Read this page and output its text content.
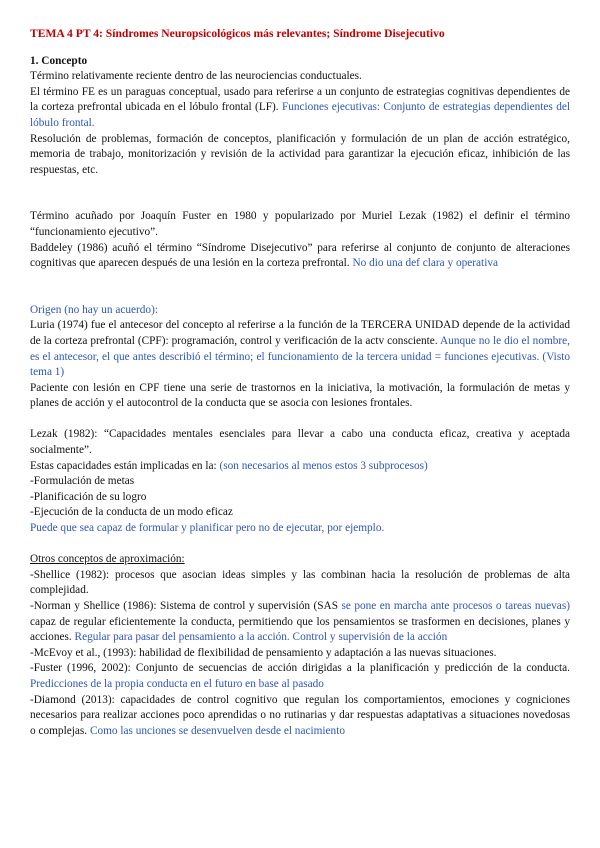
TEMA 4 PT 4: Síndromes Neuropsicológicos más relevantes; Síndrome Disejecutivo

1. Concepto

Término relativamente reciente dentro de las neurociencias conductuales.

El término FE es un paraguas conceptual, usado para referirse a un conjunto de estrategias cognitivas dependientes de la corteza prefrontal ubicada en el lóbulo frontal (LF). Funciones ejecutivas: Conjunto de estrategias dependientes del lóbulo frontal.

Resolución de problemas, formación de conceptos, planificación y formulación de un plan de acción estratégico, memoria de trabajo, monitorización y revisión de la actividad para garantizar la ejecución eficaz, inhibición de las respuestas, etc.

Término acuñado por Joaquín Fuster en 1980 y popularizado por Muriel Lezak (1982) el definir el término “funcionamiento ejecutivo”.

Baddeley (1986) acuñó el término “Síndrome Disejecutivo” para referirse al conjunto de conjunto de alteraciones cognitivas que aparecen después de una lesión en la corteza prefrontal. No dio una def clara y operativa

Origen (no hay un acuerdo):

Luria (1974) fue el antecesor del concepto al referirse a la función de la TERCERA UNIDAD depende de la actividad de la corteza prefrontal (CPF): programación, control y verificación de la actv consciente. Aunque no le dio el nombre, es el antecesor, el que antes describió el término; el funcionamiento de la tercera unidad = funciones ejecutivas. (Visto tema 1)

Paciente con lesión en CPF tiene una serie de trastornos en la iniciativa, la motivación, la formulación de metas y planes de acción y el autocontrol de la conducta que se asocia con lesiones frontales.

Lezak (1982): “Capacidades mentales esenciales para llevar a cabo una conducta eficaz, creativa y aceptada socialmente”.

Estas capacidades están implicadas en la: (son necesarios al menos estos 3 subprocesos)

-Formulación de metas

-Planificación de su logro

-Ejecución de la conducta de un modo eficaz

Puede que sea capaz de formular y planificar pero no de ejecutar, por ejemplo.

Otros conceptos de aproximación:

-Shellice (1982): procesos que asocian ideas simples y las combinan hacia la resolución de problemas de alta complejidad.

-Norman y Shellice (1986): Sistema de control y supervisión (SAS se pone en marcha ante procesos o tareas nuevas) capaz de regular eficientemente la conducta, permitiendo que los pensamientos se trasformen en decisiones, planes y acciones. Regular para pasar del pensamiento a la acción. Control y supervisión de la acción

-McEvoy et al., (1993): habilidad de flexibilidad de pensamiento y adaptación a las nuevas situaciones.

-Fuster (1996, 2002): Conjunto de secuencias de acción dirigidas a la planificación y predicción de la conducta. Predicciones de la propia conducta en el futuro en base al pasado

-Diamond (2013): capacidades de control cognitivo que regulan los comportamientos, emociones y cogniciones necesarios para realizar acciones poco aprendidas o no rutinarias y dar respuestas adaptativas a situaciones novedosas o complejas. Como las unciones se desenvuelven desde el nacimiento
